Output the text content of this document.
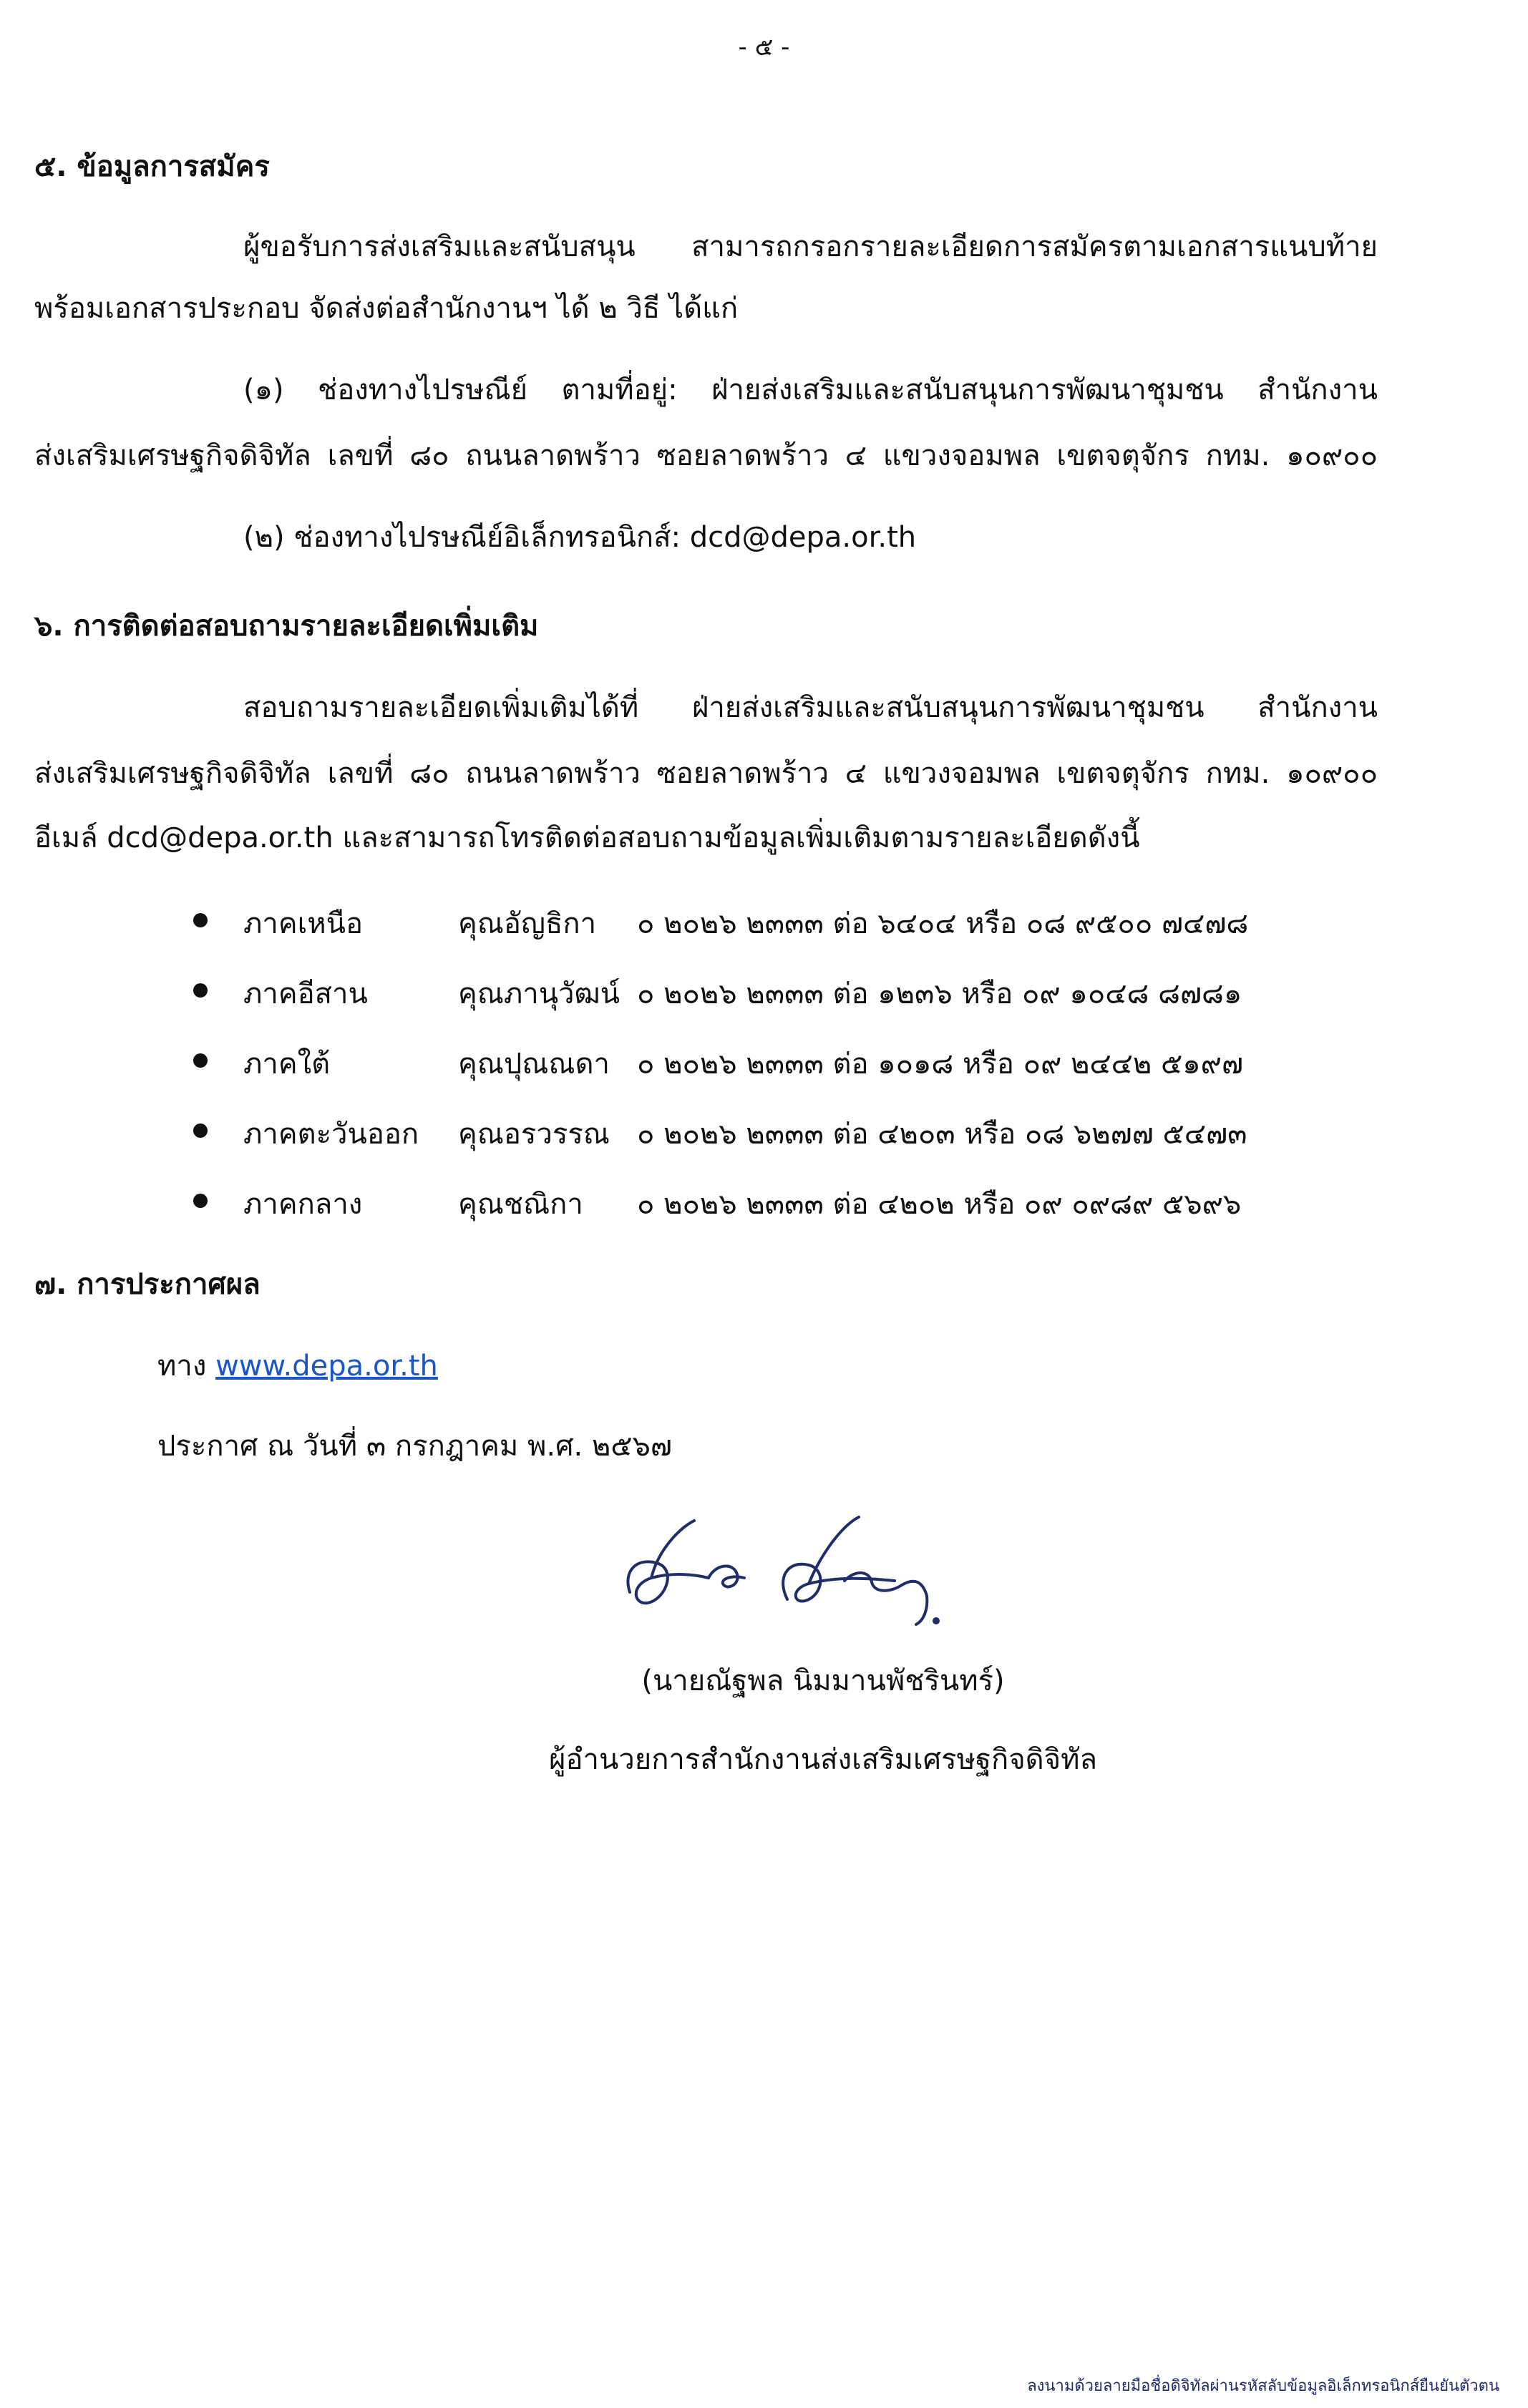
- ๕ -
๕. ข้อมูลการสมัคร
ผู้ขอรับการส่งเสริมและสนับสนุน สามารถกรอกรายละเอียดการสมัครตามเอกสารแนบท้าย
พร้อมเอกสารประกอบ จัดส่งต่อสำนักงานฯ ได้ ๒ วิธี ได้แก่
(๑) ช่องทางไปรษณีย์ ตามที่อยู่: ฝ่ายส่งเสริมและสนับสนุนการพัฒนาชุมชน สำนักงาน
ส่งเสริมเศรษฐกิจดิจิทัล เลขที่ ๘๐ ถนนลาดพร้าว ซอยลาดพร้าว ๔ แขวงจอมพล เขตจตุจักร กทม. ๑๐๙๐๐
(๒) ช่องทางไปรษณีย์อิเล็กทรอนิกส์: dcd@depa.or.th
๖. การติดต่อสอบถามรายละเอียดเพิ่มเติม
สอบถามรายละเอียดเพิ่มเติมได้ที่ ฝ่ายส่งเสริมและสนับสนุนการพัฒนาชุมชน สำนักงาน
ส่งเสริมเศรษฐกิจดิจิทัล เลขที่ ๘๐ ถนนลาดพร้าว ซอยลาดพร้าว ๔ แขวงจอมพล เขตจตุจักร กทม. ๑๐๙๐๐
อีเมล์ dcd@depa.or.th และสามารถโทรติดต่อสอบถามข้อมูลเพิ่มเติมตามรายละเอียดดังนี้
ภาคเหนือ	คุณอัญธิกา ๐ ๒๐๒๖ ๒๓๓๓ ต่อ ๖๔๐๔ หรือ ๐๘ ๙๕๐๐ ๗๔๗๘
ภาคอีสาน	คุณภานุวัฒน์ ๐ ๒๐๒๖ ๒๓๓๓ ต่อ ๑๒๓๖ หรือ ๐๙ ๑๐๔๘ ๘๗๘๑
ภาคใต้	คุณปุณณดา ๐ ๒๐๒๖ ๒๓๓๓ ต่อ ๑๐๑๘ หรือ ๐๙ ๒๔๔๒ ๕๑๙๗
ภาคตะวันออก คุณอรวรรณ ๐ ๒๐๒๖ ๒๓๓๓ ต่อ ๔๒๐๓ หรือ ๐๘ ๖๒๗๗ ๕๔๗๓
ภาคกลาง	คุณชณิกา ๐ ๒๐๒๖ ๒๓๓๓ ต่อ ๔๒๐๒ หรือ ๐๙ ๐๙๘๙ ๕๖๙๖
๗. การประกาศผล
ทาง www.depa.or.th
ประกาศ ณ วันที่ ๓ กรกฎาคม พ.ศ. ๒๕๖๗
(นายณัฐพล นิมมานพัชรินทร์)
ผู้อำนวยการสำนักงานส่งเสริมเศรษฐกิจดิจิทัล
ลงนามด้วยลายมือชื่อดิจิทัลผ่านรหัสลับข้อมูลอิเล็กทรอนิกส์ยืนยันตัวตน
